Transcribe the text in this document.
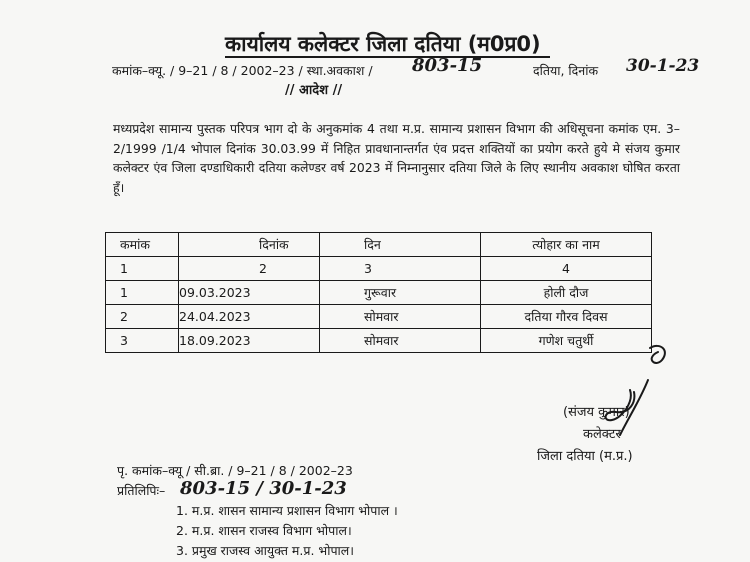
कार्यालय कलेक्टर जिला दतिया (म0प्र0)
कमांक–क्यू. / 9–21 / 8 / 2002–23 / स्था.अवकाश / 803-15	दतिया, दिनांक 30-1-23
// आदेश //
मध्यप्रदेश सामान्य पुस्तक परिपत्र भाग दो के अनुकमांक 4 तथा म.प्र. सामान्य प्रशासन विभाग की अधिसूचना कमांक एम. 3–2/1999 /1/4 भोपाल दिनांक 30.03.99 में निहित प्रावधानान्तर्गत एंव प्रदत्त शक्तियों का प्रयोग करते हुये मे संजय कुमार कलेक्टर एंव जिला दण्डाधिकारी दतिया कलेण्डर वर्ष 2023 में निम्नानुसार दतिया जिले के लिए स्थानीय अवकाश घोषित करता हूँ।
कमांक	दिनांक	दिन	त्योहार का नाम
1	2	3	4
1	09.03.2023	गुरूवार	होली दौज
2	24.04.2023	सोमवार	दतिया गौरव दिवस
3	18.09.2023	सोमवार	गणेश चतुर्थी
(संजय कुमार)
कलेक्टर
जिला दतिया (म.प्र.)
पृ. कमांक–क्यू / सी.ब्रा. / 9–21 / 8 / 2002–23
प्रतिलिपिः– 803-15 / 30-1-23
1. म.प्र. शासन सामान्य प्रशासन विभाग भोपाल ।
2. म.प्र. शासन राजस्व विभाग भोपाल।
3. प्रमुख राजस्व आयुक्त म.प्र. भोपाल।
